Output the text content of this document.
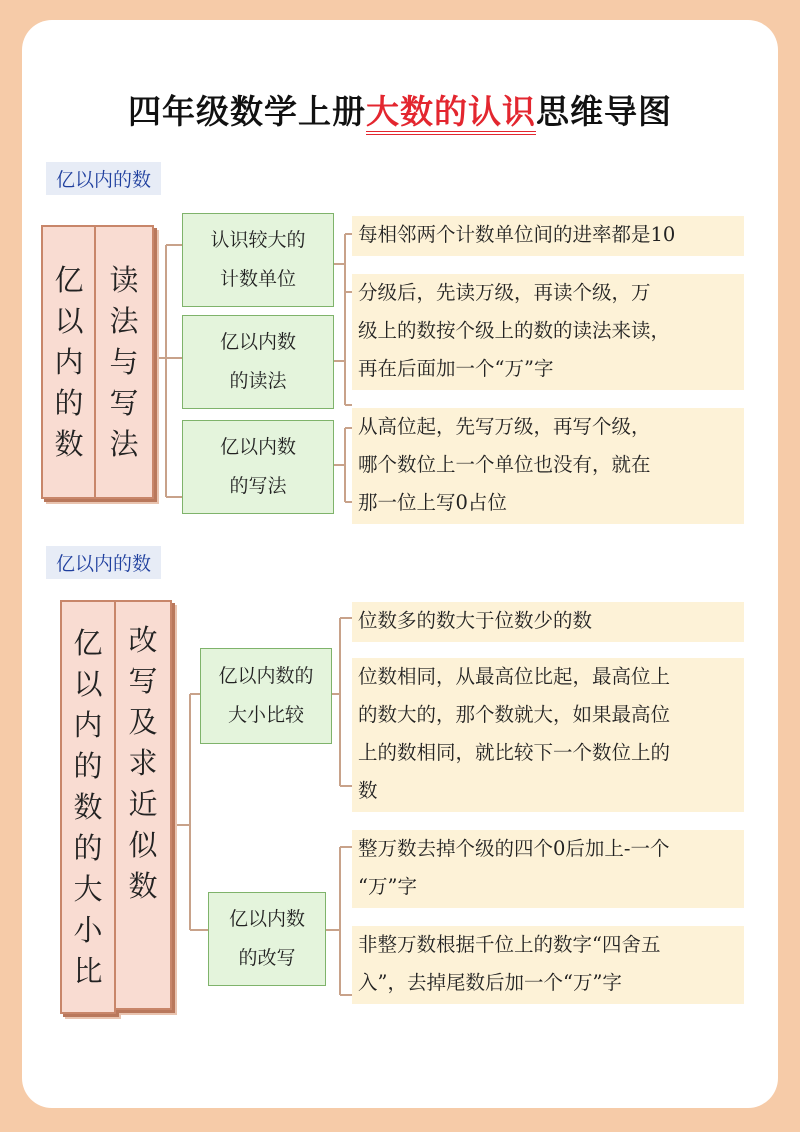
四年级数学上册大数的认识思维导图
亿以内的数
亿
以
内
的
数
读
法
与
写
法
认识较大的
计数单位
亿以内数
的读法
亿以内数
的写法
每相邻两个计数单位间的进率都是10
分级后，先读万级，再读个级，万
级上的数按个级上的数的读法来读，
再在后面加一个“万”字
从高位起，先写万级，再写个级，
哪个数位上一个单位也没有，就在
那一位上写0占位
亿以内的数
亿
以
内
的
数
的
大
小
比
改
写
及
求
近
似
数
亿以内数的
大小比较
亿以内数
的改写
位数多的数大于位数少的数
位数相同，从最高位比起，最高位上
的数大的，那个数就大，如果最高位
上的数相同，就比较下一个数位上的
数
整万数去掉个级的四个0后加上-一个
“万”字
非整万数根据千位上的数字“四舍五
入”，去掉尾数后加一个“万”字
